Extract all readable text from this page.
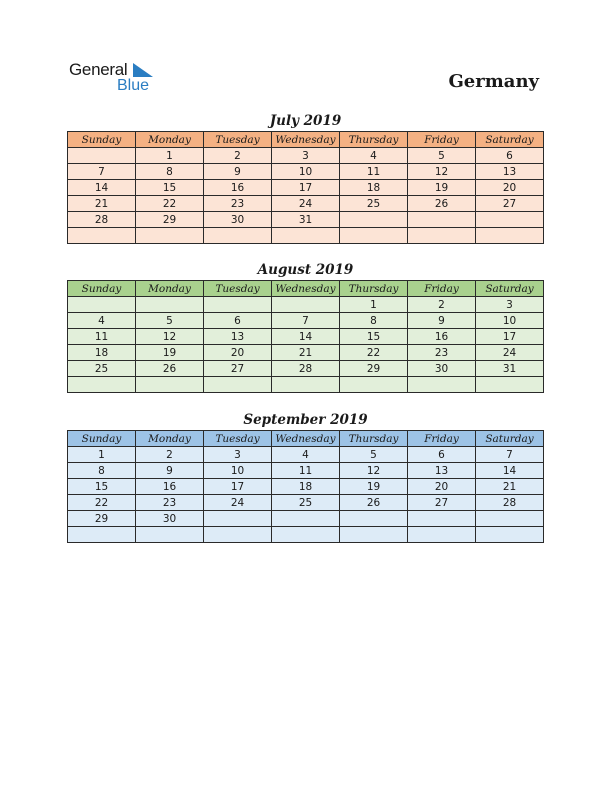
General
Blue	Germany
July 2019
Sunday	Monday	Tuesday	Wednesday	Thursday	Friday	Saturday
	1	2	3	4	5	6
7	8	9	10	11	12	13
14	15	16	17	18	19	20
21	22	23	24	25	26	27
28	29	30	31			

August 2019
Sunday	Monday	Tuesday	Wednesday	Thursday	Friday	Saturday
				1	2	3
4	5	6	7	8	9	10
11	12	13	14	15	16	17
18	19	20	21	22	23	24
25	26	27	28	29	30	31

September 2019
Sunday	Monday	Tuesday	Wednesday	Thursday	Friday	Saturday
1	2	3	4	5	6	7
8	9	10	11	12	13	14
15	16	17	18	19	20	21
22	23	24	25	26	27	28
29	30					
